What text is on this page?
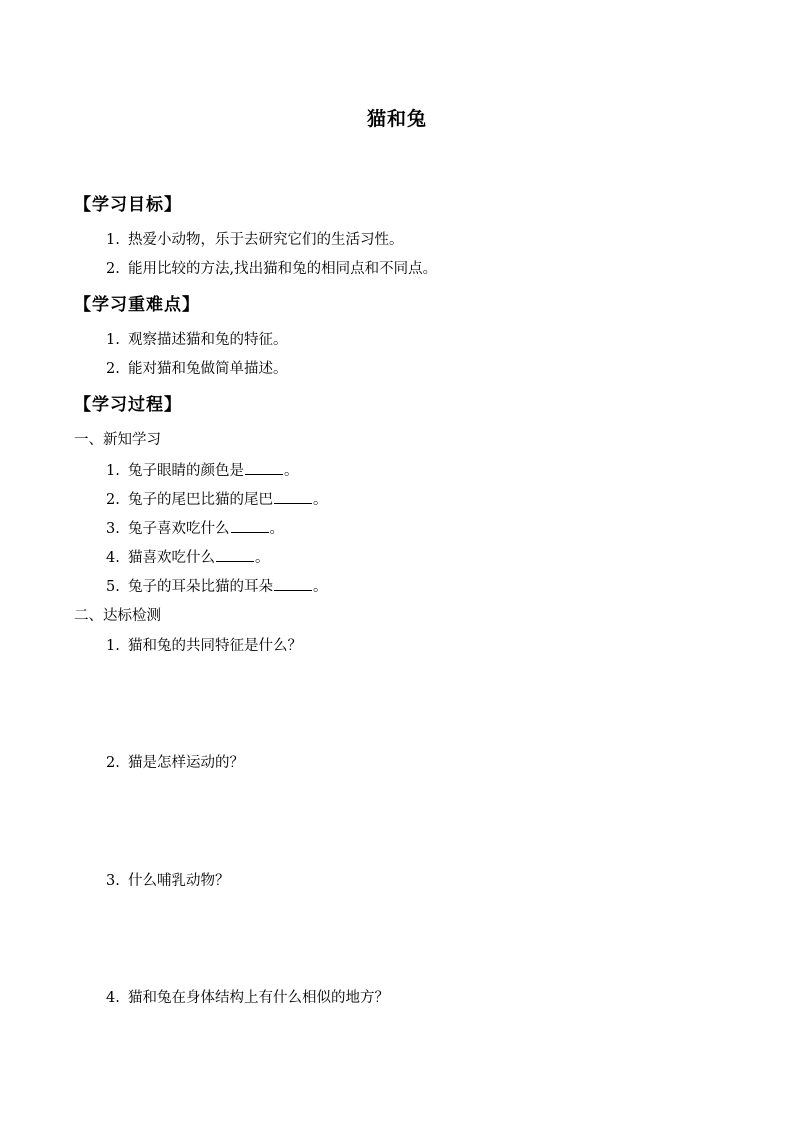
猫和兔
【学习目标】
1. 热爱小动物，乐于去研究它们的生活习性。
2. 能用比较的方法,找出猫和兔的相同点和不同点。
【学习重难点】
1. 观察描述猫和兔的特征。
2. 能对猫和兔做简单描述。
【学习过程】
一、新知学习
1. 兔子眼睛的颜色是	。
2. 兔子的尾巴比猫的尾巴	。
3. 兔子喜欢吃什么	。
4. 猫喜欢吃什么	。
5. 兔子的耳朵比猫的耳朵	。
二、达标检测
1. 猫和兔的共同特征是什么？
2. 猫是怎样运动的？
3. 什么哺乳动物？
4. 猫和兔在身体结构上有什么相似的地方？
